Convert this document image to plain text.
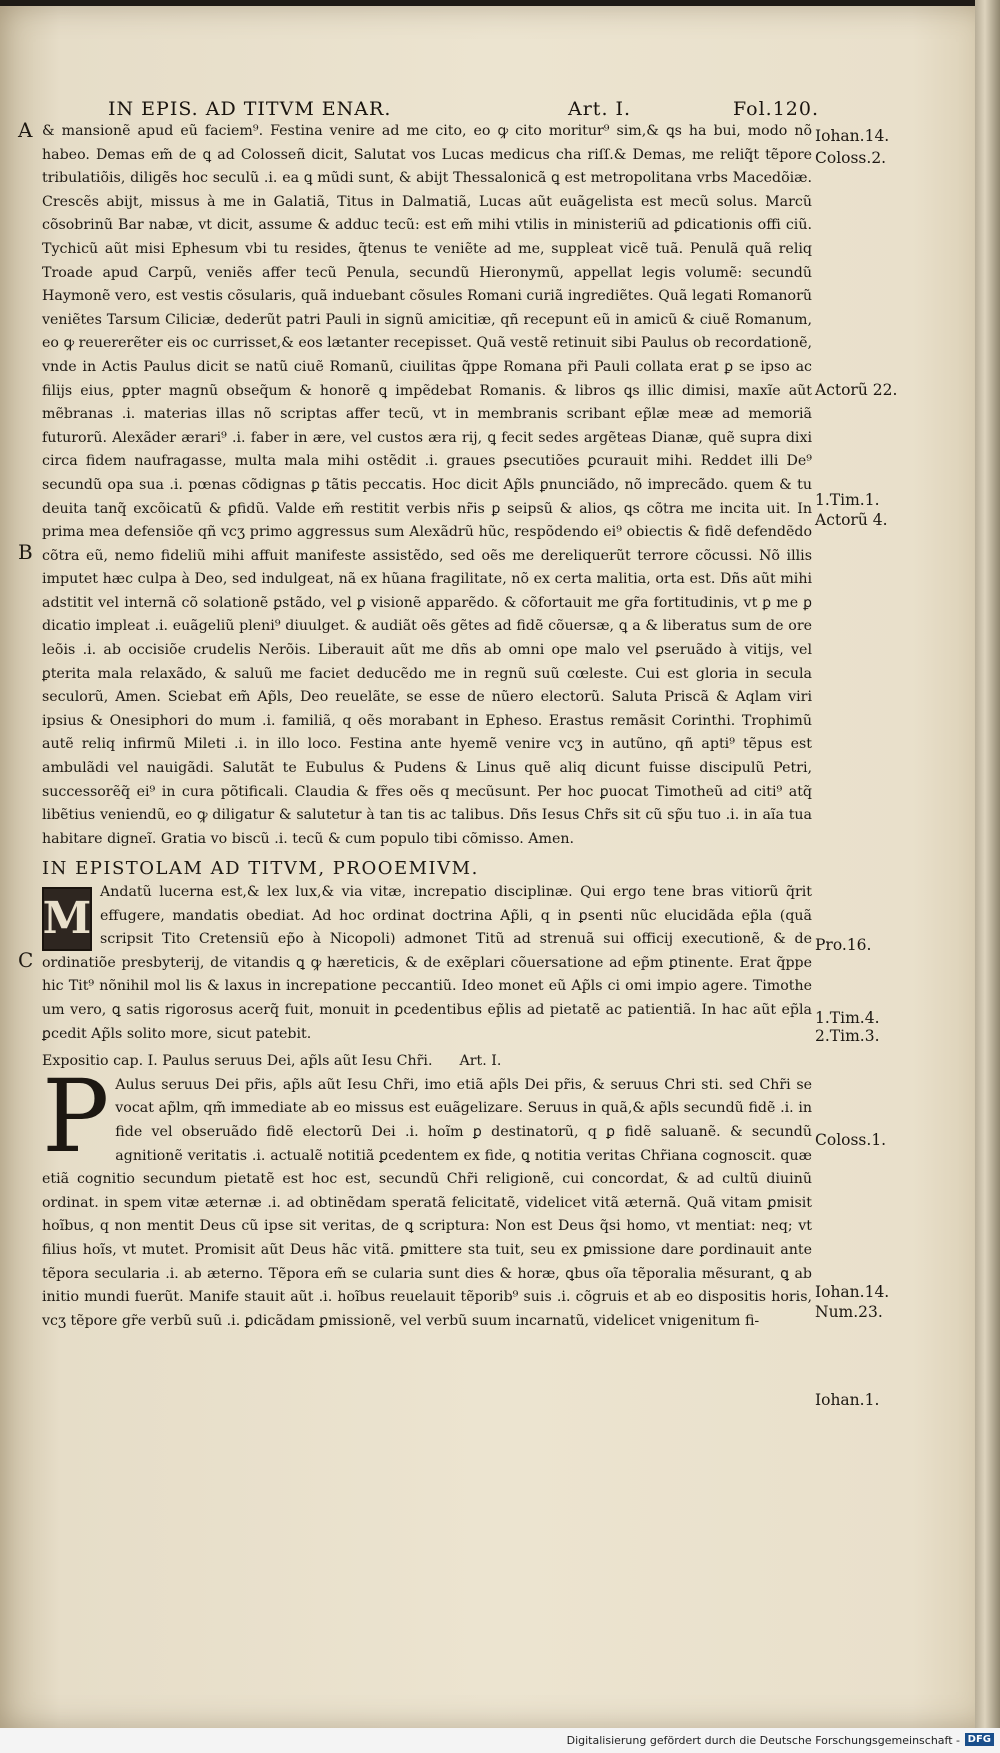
IN EPIS. AD TITVM ENAR.	Art. I.	Fol.120.
A
B
C

& mansionẽ apud eũ faciem⁹. Festina venire ad me cito, eo ꝙ cito moritur⁹ sim,& ꝗs ha bui, modo nõ habeo. Demas em̃ de ꝗ ad Colosseñ dicit, Salutat vos Lucas medicus cha riſſ.& Demas, me reliq̃t tẽpore tribulatiõis, diligẽs hoc seculũ .i. ea ꝗ mũdi sunt, & abijt Thessalonicã ꝗ est metropolitana vrbs Macedõiæ. Crescẽs abijt, missus à me in Galatiã, Titus in Dalmatiã, Lucas aũt euãgelista est mecũ solus. Marcũ cõsobrinũ Bar nabæ, vt dicit, assume & adduc tecũ: est em̃ mihi vtilis in ministeriũ ad ꝑdicationis offi ciũ. Tychicũ aũt misi Ephesum vbi tu resides, q̃tenus te veniẽte ad me, suppleat vicẽ tuã. Penulã quã reliq Troade apud Carpũ, veniẽs affer tecũ Penula, secundũ Hieronymũ, appellat legis volumẽ: secundũ Haymonẽ vero, est vestis cõsularis, quã induebant cõsules Romani curiã ingrediẽtes. Quã legati Romanorũ veniẽtes Tarsum Ciliciæ, dederũt patri Pauli in signũ amicitiæ, qñ recepunt eũ in amicũ & ciuẽ Romanum, eo ꝙ reuererẽter eis oc currisset,& eos lætanter recepisset. Quã vestẽ retinuit sibi Paulus ob recordationẽ, vnde in Actis Paulus dicit se natũ ciuẽ Romanũ, ciuilitas q̃ppe Romana pr̃i Pauli collata erat ꝑ se ipso ac filijs eius, ꝑpter magnũ obseq̃um & honorẽ ꝗ impẽdebat Romanis. & libros ꝗs illic dimisi, maxĩe aũt mẽbranas .i. materias illas nõ scriptas affer tecũ, vt in membranis scribant ep̃læ meæ ad memoriã futurorũ. Alexãder ærari⁹ .i. faber in ære, vel custos æra rij, ꝗ fecit sedes argẽteas Dianæ, quẽ supra dixi circa fidem naufragasse, multa mala mihi ostẽdit .i. graues ꝑsecutiões ꝑcurauit mihi. Reddet illi De⁹ secundũ opa sua .i. pœnas cõdignas ꝑ tãtis peccatis. Hoc dicit Ap̃ls ꝑnunciãdo, nõ imprecãdo. quem & tu deuita tanq̃ excõicatũ & ꝑfidũ. Valde em̃ restitit verbis nr̃is ꝑ seipsũ & alios, ꝗs cõtra me incita uit. In prima mea defensiõe qñ vcʒ primo aggressus sum Alexãdrũ hũc, respõdendo ei⁹ obiectis & fidẽ defendẽdo cõtra eũ, nemo fideliũ mihi affuit manifeste assistẽdo, sed oẽs me dereliquerũt terrore cõcussi. Nõ illis imputet hæc culpa à Deo, sed indulgeat, nã ex hũana fragilitate, nõ ex certa malitia, orta est. Dñs aũt mihi adstitit vel internã cõ solationẽ ꝑstãdo, vel ꝑ visionẽ apparẽdo. & cõfortauit me gr̃a fortitudinis, vt ꝑ me ꝑ dicatio impleat .i. euãgeliũ pleni⁹ diuulget. & audiãt oẽs gẽtes ad fidẽ cõuersæ, ꝗ a & liberatus sum de ore leõis .i. ab occisiõe crudelis Nerõis. Liberauit aũt me dñs ab omni ope malo vel ꝑseruãdo à vitijs, vel ꝑterita mala relaxãdo, & saluũ me faciet deducẽdo me in regnũ suũ cœleste. Cui est gloria in secula seculorũ, Amen. Sciebat em̃ Ap̃ls, Deo reuelãte, se esse de nũero electorũ. Saluta Priscã & Aqlam viri ipsius & Onesiphori do mum .i. familiã, q oẽs morabant in Epheso. Erastus remãsit Corinthi. Trophimũ autẽ reliq infirmũ Mileti .i. in illo loco. Festina ante hyemẽ venire vcʒ in autũno, qñ apti⁹ tẽpus est ambulãdi vel nauigãdi. Salutãt te Eubulus & Pudens & Linus quẽ aliq dicunt fuisse discipulũ Petri, successorẽq̃ ei⁹ in cura põtificali. Claudia & fr̃es oẽs q mecũsunt. Per hoc ꝑuocat Timotheũ ad citi⁹ atq̃ libẽtius veniendũ, eo ꝙ diligatur & salutetur à tan tis ac talibus. Dñs Iesus Chr̃s sit cũ sp̃u tuo .i. in aĩa tua habitare digneĩ. Gratia vo biscũ .i. tecũ & cum populo tibi cõmisso. Amen.

IN EPISTOLAM AD TITVM, PROOEMIVM.

M
Andatũ lucerna est,& lex lux,& via vitæ, increpatio disciplinæ. Qui ergo tene bras vitiorũ q̃rit effugere, mandatis obediat. Ad hoc ordinat doctrina Ap̃li, q in ꝑsenti nũc elucidãda ep̃la (quã scripsit Tito Cretensiũ ep̃o à Nicopoli) admonet Titũ ad strenuã sui officij executionẽ, & de ordinatiõe presbyterij, de vitandis ꝗ ꝙ hæreticis, & de exẽplari cõuersatione ad ep̃m ꝑtinente. Erat q̃ppe hic Tit⁹ nõnihil mol lis & laxus in increpatione peccantiũ. Ideo monet eũ Ap̃ls ci omi impio agere. Timothe um vero, ꝗ satis rigorosus acerq̃ fuit, monuit in ꝑcedentibus ep̃lis ad pietatẽ ac patientiã. In hac aũt ep̃la ꝑcedit Ap̃ls solito more, sicut patebit.

Expositio cap. I. Paulus seruus Dei, ap̃ls aũt Iesu Chr̃i. Art. I.

P Aulus seruus Dei pr̃is, ap̃ls aũt Iesu Chr̃i, imo etiã ap̃ls Dei pr̃is, & seruus Chri sti. sed Chr̃i se vocat ap̃lm, qm̃ immediate ab eo missus est euãgelizare. Seruus in quã,& ap̃ls secundũ fidẽ .i. in fide vel obseruãdo fidẽ electorũ Dei .i. hoĩm ꝑ destinatorũ, q ꝑ fidẽ saluanẽ. & secundũ agnitionẽ veritatis .i. actualẽ notitiã ꝑcedentem ex fide, ꝗ notitia veritas Chr̃iana cognoscit. quæ etiã cognitio secundum pietatẽ est hoc est, secundũ Chr̃i religionẽ, cui concordat, & ad cultũ diuinũ ordinat. in spem vitæ æternæ .i. ad obtinẽdam speratã felicitatẽ, videlicet vitã æternã. Quã vitam ꝑmisit hoĩbus, q non mentit Deus cũ ipse sit veritas, de ꝗ scriptura: Non est Deus q̃si homo, vt mentiat: neq; vt filius hoĩs, vt mutet. Promisit aũt Deus hãc vitã. ꝑmittere sta tuit, seu ex ꝑmissione dare ꝑordinauit ante tẽpora secularia .i. ab æterno. Tẽpora em̃ se cularia sunt dies & horæ, ꝗbus oĩa tẽporalia mẽsurant, ꝗ ab initio mundi fuerũt. Manife stauit aũt .i. hoĩbus reuelauit tẽporib⁹ suis .i. cõgruis et ab eo dispositis horis, vcʒ tẽpore gr̃e verbũ suũ .i. ꝑdicãdam ꝑmissionẽ, vel verbũ suum incarnatũ, videlicet vnigenitum fi-

Iohan.14.
Coloss.2.
Actorũ 22.
1.Tim.1.
Actorũ 4.
Pro.16.
1.Tim.4.
2.Tim.3.
Coloss.1.
Iohan.14.
Num.23.
Iohan.1.
Digitalisierung gefördert durch die Deutsche Forschungsgemeinschaft - DFG
